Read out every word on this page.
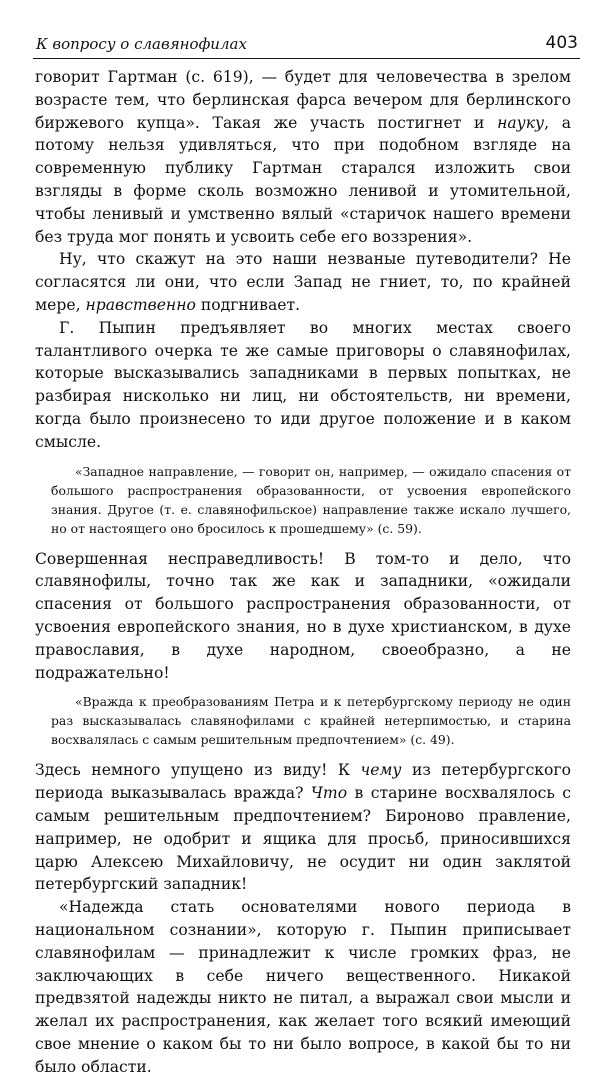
К вопросу о славянофилах	403

говорит Гартман (с. 619), — будет для человечества в зрелом возрасте тем, что берлинская фарса вечером для берлинского биржевого купца». Такая же участь постигнет и науку, а потому нельзя удивляться, что при подобном взгляде на современную публику Гартман старался изложить свои взгляды в форме сколь возможно ленивой и утомительной, чтобы ленивый и умственно вялый «старичок нашего времени без труда мог понять и усвоить себе его воззрения».

Ну, что скажут на это наши незваные путеводители? Не согласятся ли они, что если Запад не гниет, то, по крайней мере, нравственно подгнивает.

Г. Пыпин предъявляет во многих местах своего талантливого очерка те же самые приговоры о славянофилах, которые высказывались западниками в первых попытках, не разбирая нисколько ни лиц, ни обстоятельств, ни времени, когда было произнесено то иди другое положение и в каком смысле.

«Западное направление, — говорит он, например, — ожидало спасения от большого распространения образованности, от усвоения европейского знания. Другое (т. е. славянофильское) направление также искало лучшего, но от настоящего оно бросилось к прошедшему» (с. 59).

Совершенная несправедливость! В том-то и дело, что славянофилы, точно так же как и западники, «ожидали спасения от большого распространения образованности, от усвоения европейского знания, но в духе христианском, в духе православия, в духе народном, своеобразно, а не подражательно!

«Вражда к преобразованиям Петра и к петербургскому периоду не один раз высказывалась славянофилами с крайней нетерпимостью, и старина восхвалялась с самым решительным предпочтением» (с. 49).

Здесь немного упущено из виду! К чему из петербургского периода выказывалась вражда? Что в старине восхвалялось с самым решительным предпочтением? Бироново правление, например, не одобрит и ящика для просьб, приносившихся царю Алексею Михайловичу, не осудит ни один заклятой петербургский западник!

«Надежда стать основателями нового периода в национальном сознании», которую г. Пыпин приписывает славянофилам — принадлежит к числе громких фраз, не заключающих в себе ничего вещественного. Никакой предвзятой надежды никто не питал, а выражал свои мысли и желал их распространения, как желает того всякий имеющий свое мнение о каком бы то ни было вопросе, в какой бы то ни было области.
